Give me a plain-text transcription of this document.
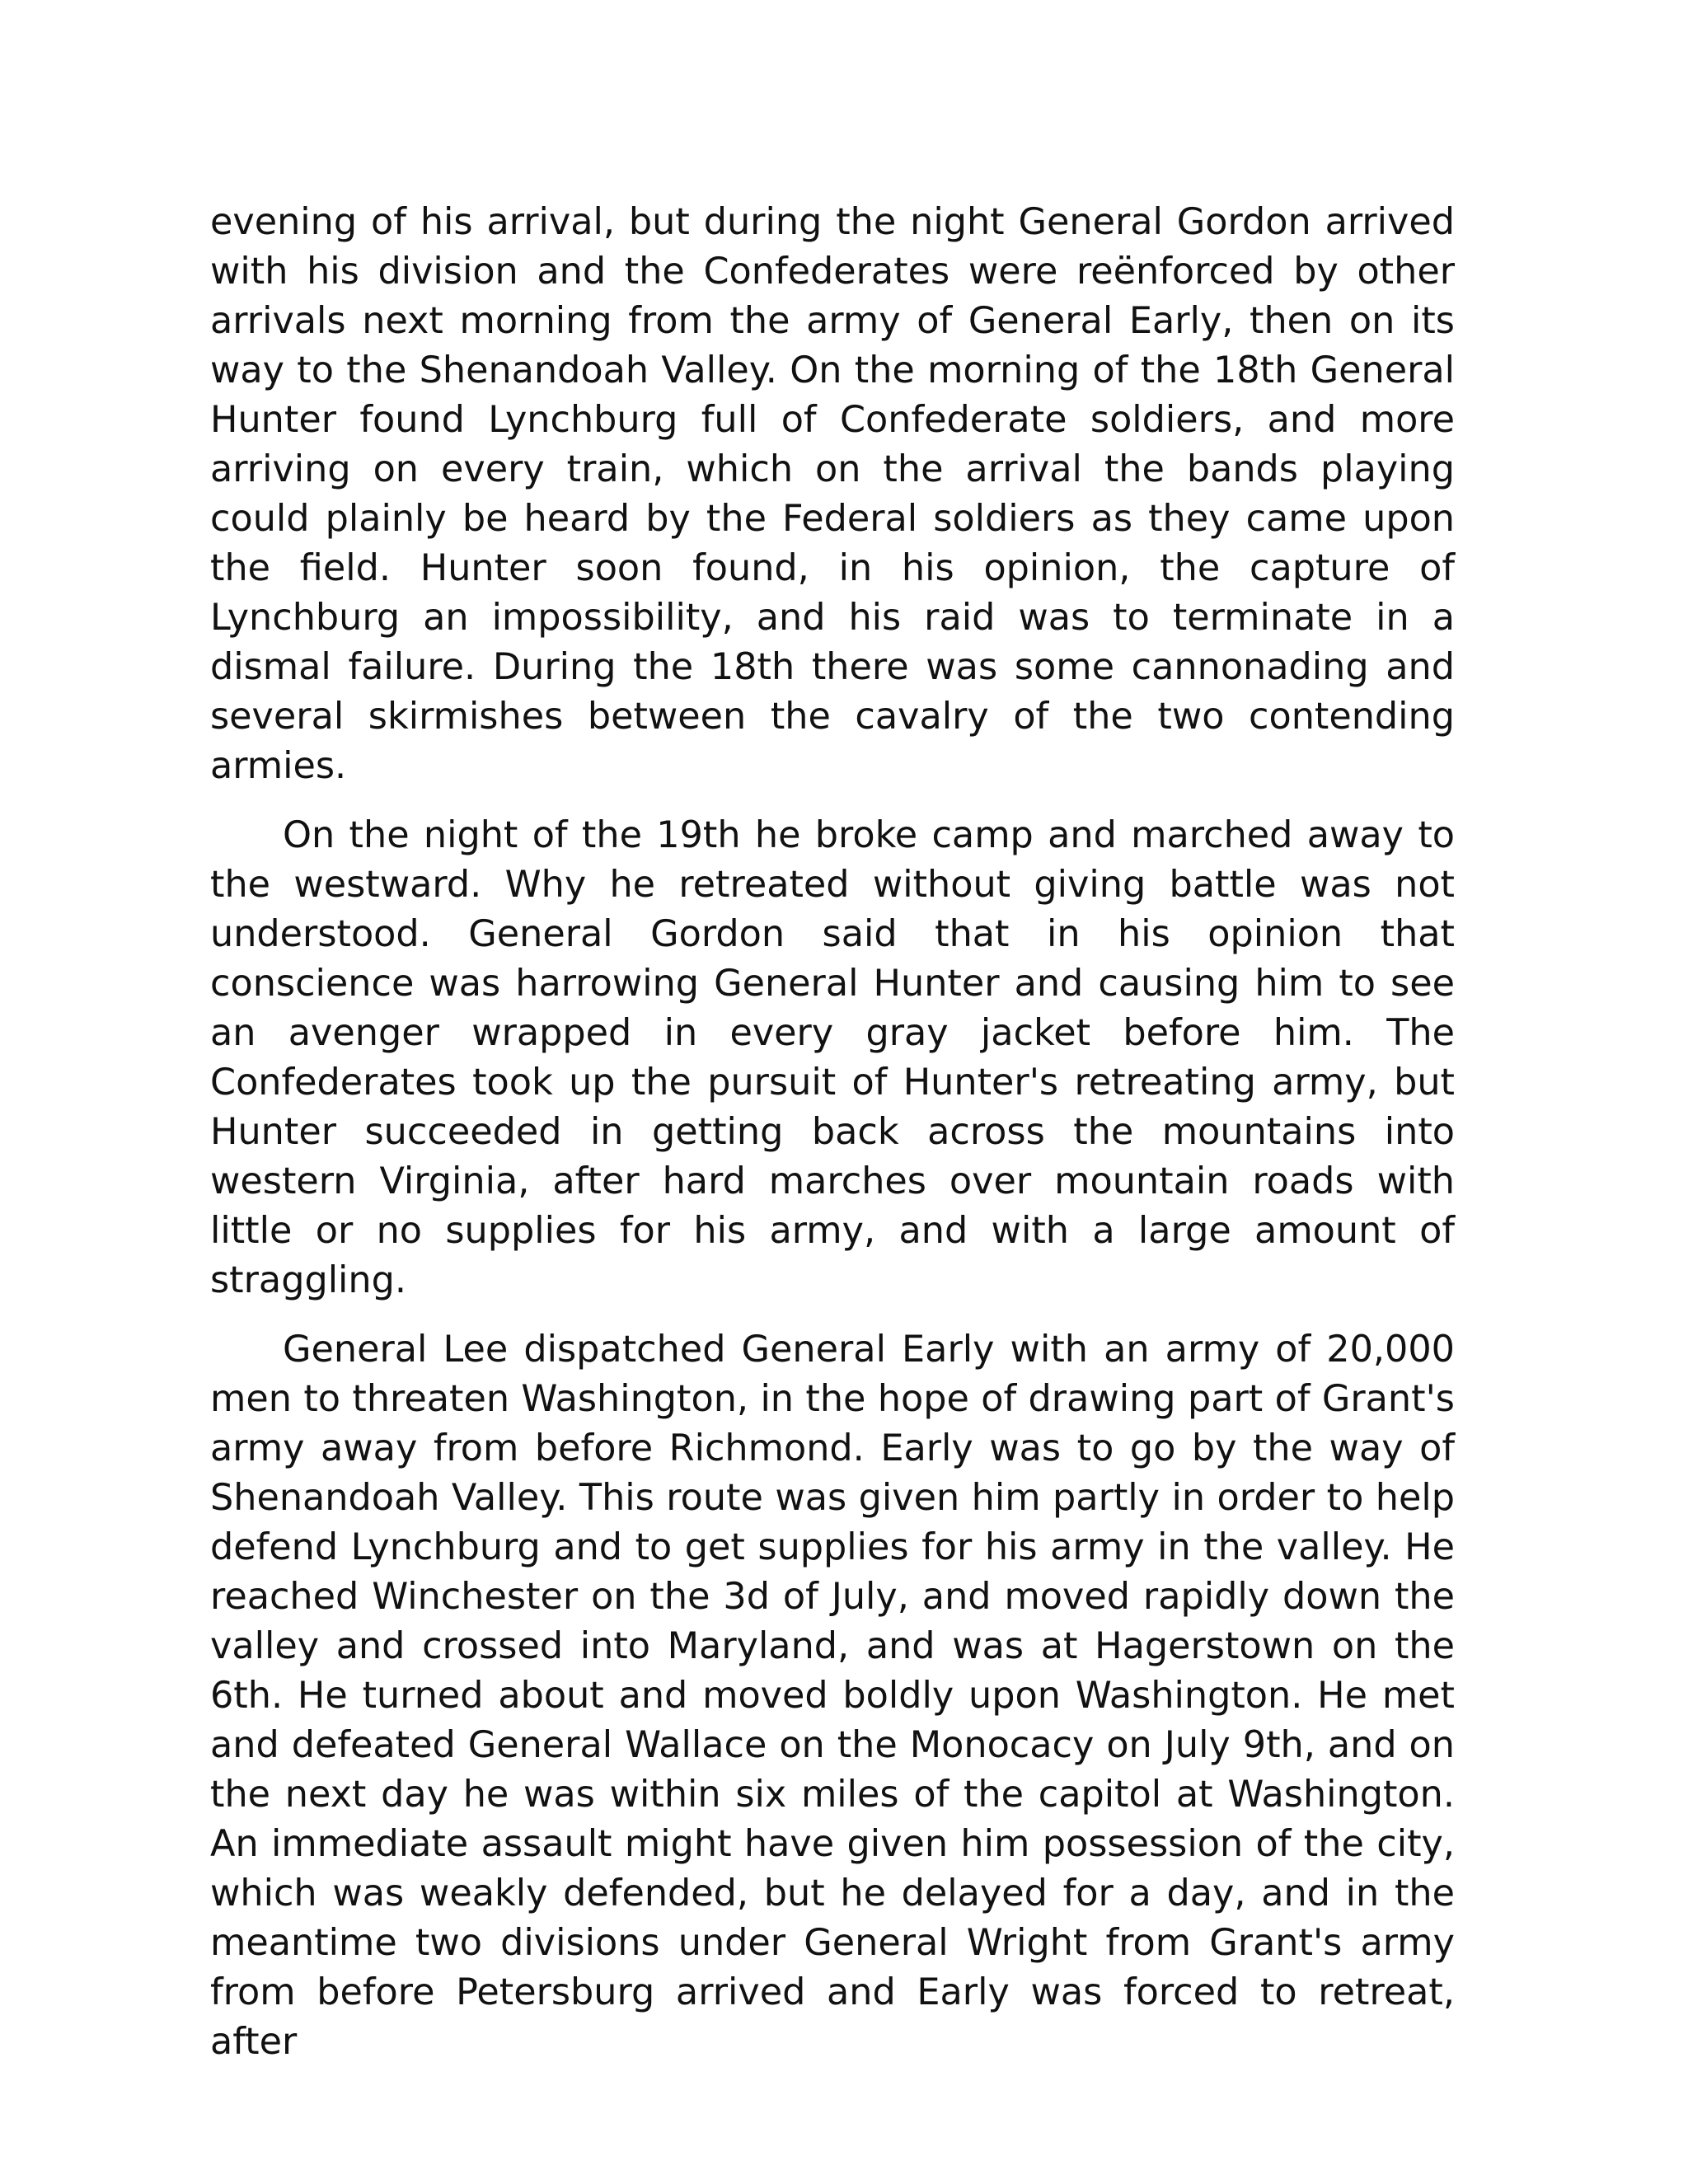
evening of his arrival, but during the night General Gordon arrived with his division and the Confederates were reënforced by other arrivals next morning from the army of General Early, then on its way to the Shenandoah Valley. On the morning of the 18th General Hunter found Lynchburg full of Confederate soldiers, and more arriving on every train, which on the arrival the bands playing could plainly be heard by the Federal soldiers as they came upon the field. Hunter soon found, in his opinion, the capture of Lynchburg an impossibility, and his raid was to terminate in a dismal failure. During the 18th there was some cannonading and several skirmishes between the cavalry of the two contending armies.

On the night of the 19th he broke camp and marched away to the westward. Why he retreated without giving battle was not understood. General Gordon said that in his opinion that conscience was harrowing General Hunter and causing him to see an avenger wrapped in every gray jacket before him. The Confederates took up the pursuit of Hunter's retreating army, but Hunter succeeded in getting back across the mountains into western Virginia, after hard marches over mountain roads with little or no supplies for his army, and with a large amount of straggling.

General Lee dispatched General Early with an army of 20,000 men to threaten Washington, in the hope of drawing part of Grant's army away from before Richmond. Early was to go by the way of Shenandoah Valley. This route was given him partly in order to help defend Lynchburg and to get supplies for his army in the valley. He reached Winchester on the 3d of July, and moved rapidly down the valley and crossed into Maryland, and was at Hagerstown on the 6th. He turned about and moved boldly upon Washington. He met and defeated General Wallace on the Monocacy on July 9th, and on the next day he was within six miles of the capitol at Washington. An immediate assault might have given him possession of the city, which was weakly defended, but he delayed for a day, and in the meantime two divisions under General Wright from Grant's army from before Petersburg arrived and Early was forced to retreat, after
